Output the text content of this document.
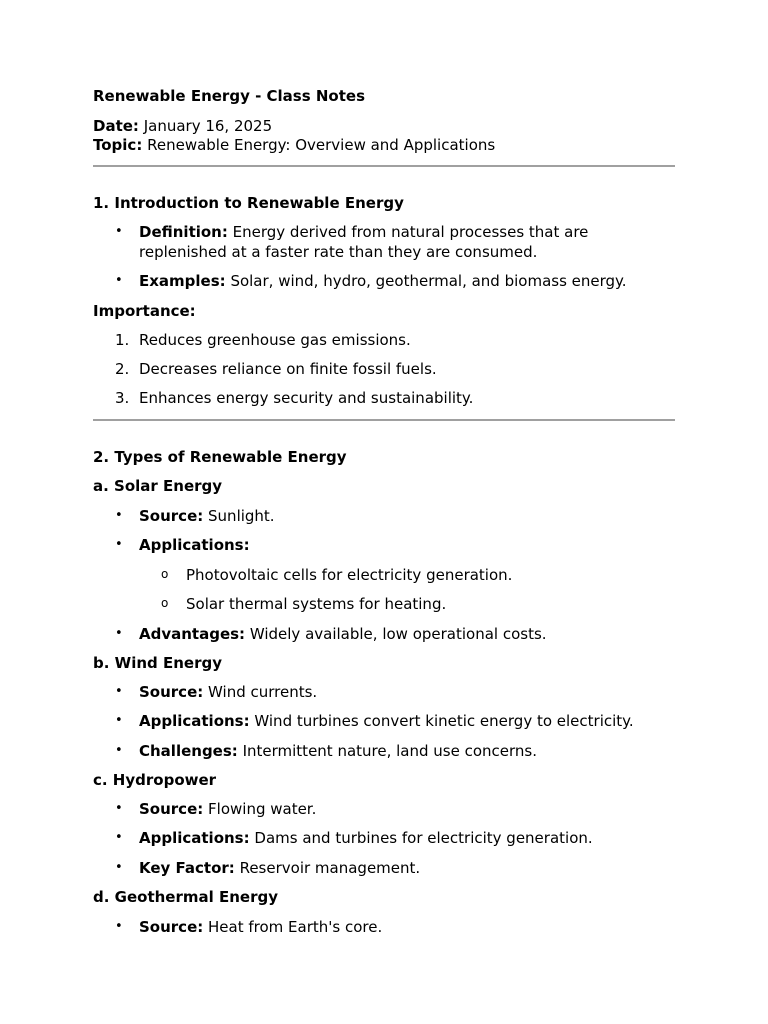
Renewable Energy - Class Notes
Date: January 16, 2025
Topic: Renewable Energy: Overview and Applications
1. Introduction to Renewable Energy
• Definition: Energy derived from natural processes that are replenished at a faster rate than they are consumed.
• Examples: Solar, wind, hydro, geothermal, and biomass energy.
Importance:
1. Reduces greenhouse gas emissions.
2. Decreases reliance on finite fossil fuels.
3. Enhances energy security and sustainability.
2. Types of Renewable Energy
a. Solar Energy
• Source: Sunlight.
• Applications:
o Photovoltaic cells for electricity generation.
o Solar thermal systems for heating.
• Advantages: Widely available, low operational costs.
b. Wind Energy
• Source: Wind currents.
• Applications: Wind turbines convert kinetic energy to electricity.
• Challenges: Intermittent nature, land use concerns.
c. Hydropower
• Source: Flowing water.
• Applications: Dams and turbines for electricity generation.
• Key Factor: Reservoir management.
d. Geothermal Energy
• Source: Heat from Earth's core.
